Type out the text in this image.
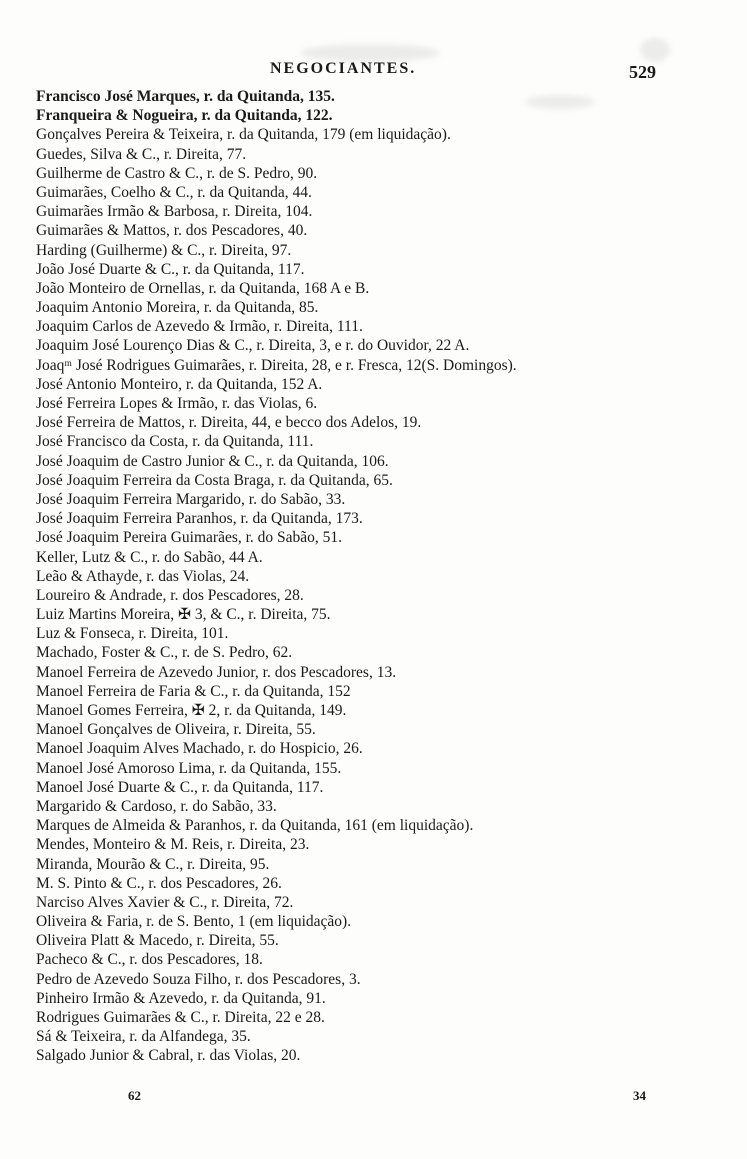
NEGOCIANTES.	529
Francisco José Marques, r. da Quitanda, 135.
Franqueira & Nogueira, r. da Quitanda, 122.
Gonçalves Pereira & Teixeira, r. da Quitanda, 179 (em liquidação).
Guedes, Silva & C., r. Direita, 77.
Guilherme de Castro & C., r. de S. Pedro, 90.
Guimarães, Coelho & C., r. da Quitanda, 44.
Guimarães Irmão & Barbosa, r. Direita, 104.
Guimarães & Mattos, r. dos Pescadores, 40.
Harding (Guilherme) & C., r. Direita, 97.
João José Duarte & C., r. da Quitanda, 117.
João Monteiro de Ornellas, r. da Quitanda, 168 A e B.
Joaquim Antonio Moreira, r. da Quitanda, 85.
Joaquim Carlos de Azevedo & Irmão, r. Direita, 111.
Joaquim José Lourenço Dias & C., r. Direita, 3, e r. do Ouvidor, 22 A.
Joaqᵐ José Rodrigues Guimarães, r. Direita, 28, e r. Fresca, 12(S. Domingos).
José Antonio Monteiro, r. da Quitanda, 152 A.
José Ferreira Lopes & Irmão, r. das Violas, 6.
José Ferreira de Mattos, r. Direita, 44, e becco dos Adelos, 19.
José Francisco da Costa, r. da Quitanda, 111.
José Joaquim de Castro Junior & C., r. da Quitanda, 106.
José Joaquim Ferreira da Costa Braga, r. da Quitanda, 65.
José Joaquim Ferreira Margarido, r. do Sabão, 33.
José Joaquim Ferreira Paranhos, r. da Quitanda, 173.
José Joaquim Pereira Guimarães, r. do Sabão, 51.
Keller, Lutz & C., r. do Sabão, 44 A.
Leão & Athayde, r. das Violas, 24.
Loureiro & Andrade, r. dos Pescadores, 28.
Luiz Martins Moreira, ✠ 3, & C., r. Direita, 75.
Luz & Fonseca, r. Direita, 101.
Machado, Foster & C., r. de S. Pedro, 62.
Manoel Ferreira de Azevedo Junior, r. dos Pescadores, 13.
Manoel Ferreira de Faria & C., r. da Quitanda, 152
Manoel Gomes Ferreira, ✠ 2, r. da Quitanda, 149.
Manoel Gonçalves de Oliveira, r. Direita, 55.
Manoel Joaquim Alves Machado, r. do Hospicio, 26.
Manoel José Amoroso Lima, r. da Quitanda, 155.
Manoel José Duarte & C., r. da Quitanda, 117.
Margarido & Cardoso, r. do Sabão, 33.
Marques de Almeida & Paranhos, r. da Quitanda, 161 (em liquidação).
Mendes, Monteiro & M. Reis, r. Direita, 23.
Miranda, Mourão & C., r. Direita, 95.
M. S. Pinto & C., r. dos Pescadores, 26.
Narciso Alves Xavier & C., r. Direita, 72.
Oliveira & Faria, r. de S. Bento, 1 (em liquidação).
Oliveira Platt & Macedo, r. Direita, 55.
Pacheco & C., r. dos Pescadores, 18.
Pedro de Azevedo Souza Filho, r. dos Pescadores, 3.
Pinheiro Irmão & Azevedo, r. da Quitanda, 91.
Rodrigues Guimarães & C., r. Direita, 22 e 28.
Sá & Teixeira, r. da Alfandega, 35.
Salgado Junior & Cabral, r. das Violas, 20.
62	34
